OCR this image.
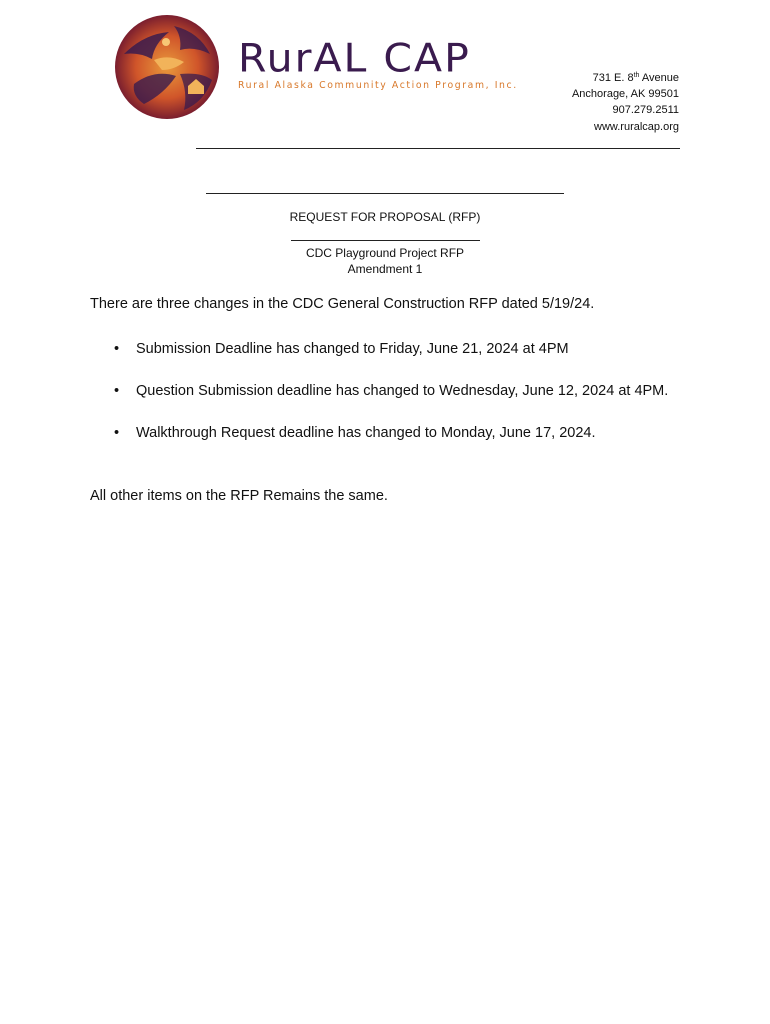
RurAL CAP
Rural Alaska Community Action Program, Inc.
731 E. 8th Avenue
Anchorage, AK 99501
907.279.2511
www.ruralcap.org
REQUEST FOR PROPOSAL (RFP)
CDC Playground Project RFP
Amendment 1
There are three changes in the CDC General Construction RFP dated 5/19/24.
• Submission Deadline has changed to Friday, June 21, 2024 at 4PM
• Question Submission deadline has changed to Wednesday, June 12, 2024 at 4PM.
• Walkthrough Request deadline has changed to Monday, June 17, 2024.
All other items on the RFP Remains the same.
